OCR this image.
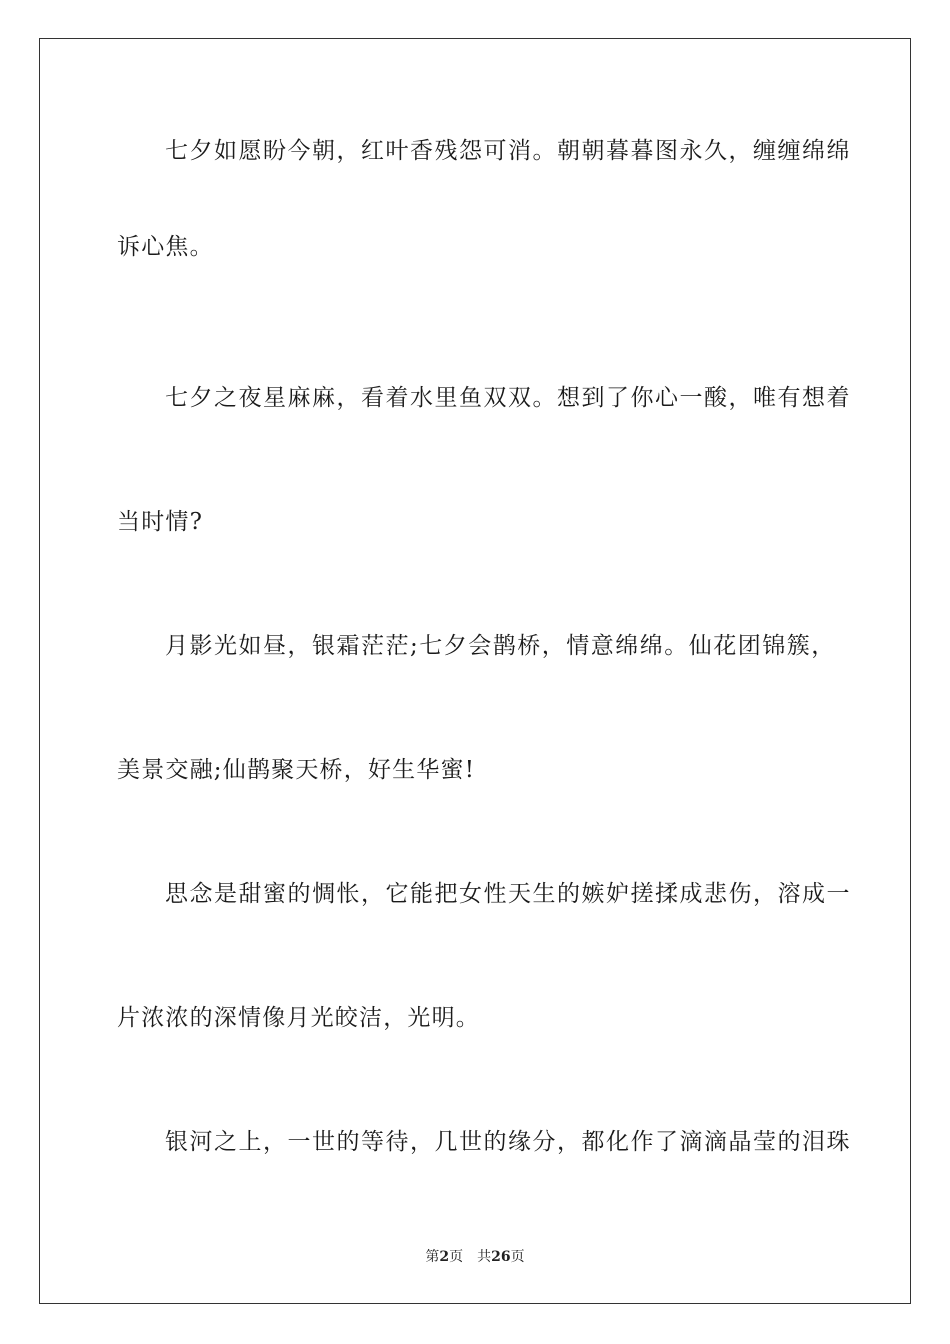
七夕如愿盼今朝，红叶香残怨可消。朝朝暮暮图永久，缠缠绵绵
诉心焦。
七夕之夜星麻麻，看着水里鱼双双。想到了你心一酸，唯有想着
当时情?
月影光如昼，银霜茫茫;七夕会鹊桥，情意绵绵。仙花团锦簇，
美景交融;仙鹊聚天桥，好生华蜜!
思念是甜蜜的惆怅，它能把女性天生的嫉妒搓揉成悲伤，溶成一
片浓浓的深情像月光皎洁，光明。
银河之上，一世的等待，几世的缘分，都化作了滴滴晶莹的泪珠
第2页 共26页
